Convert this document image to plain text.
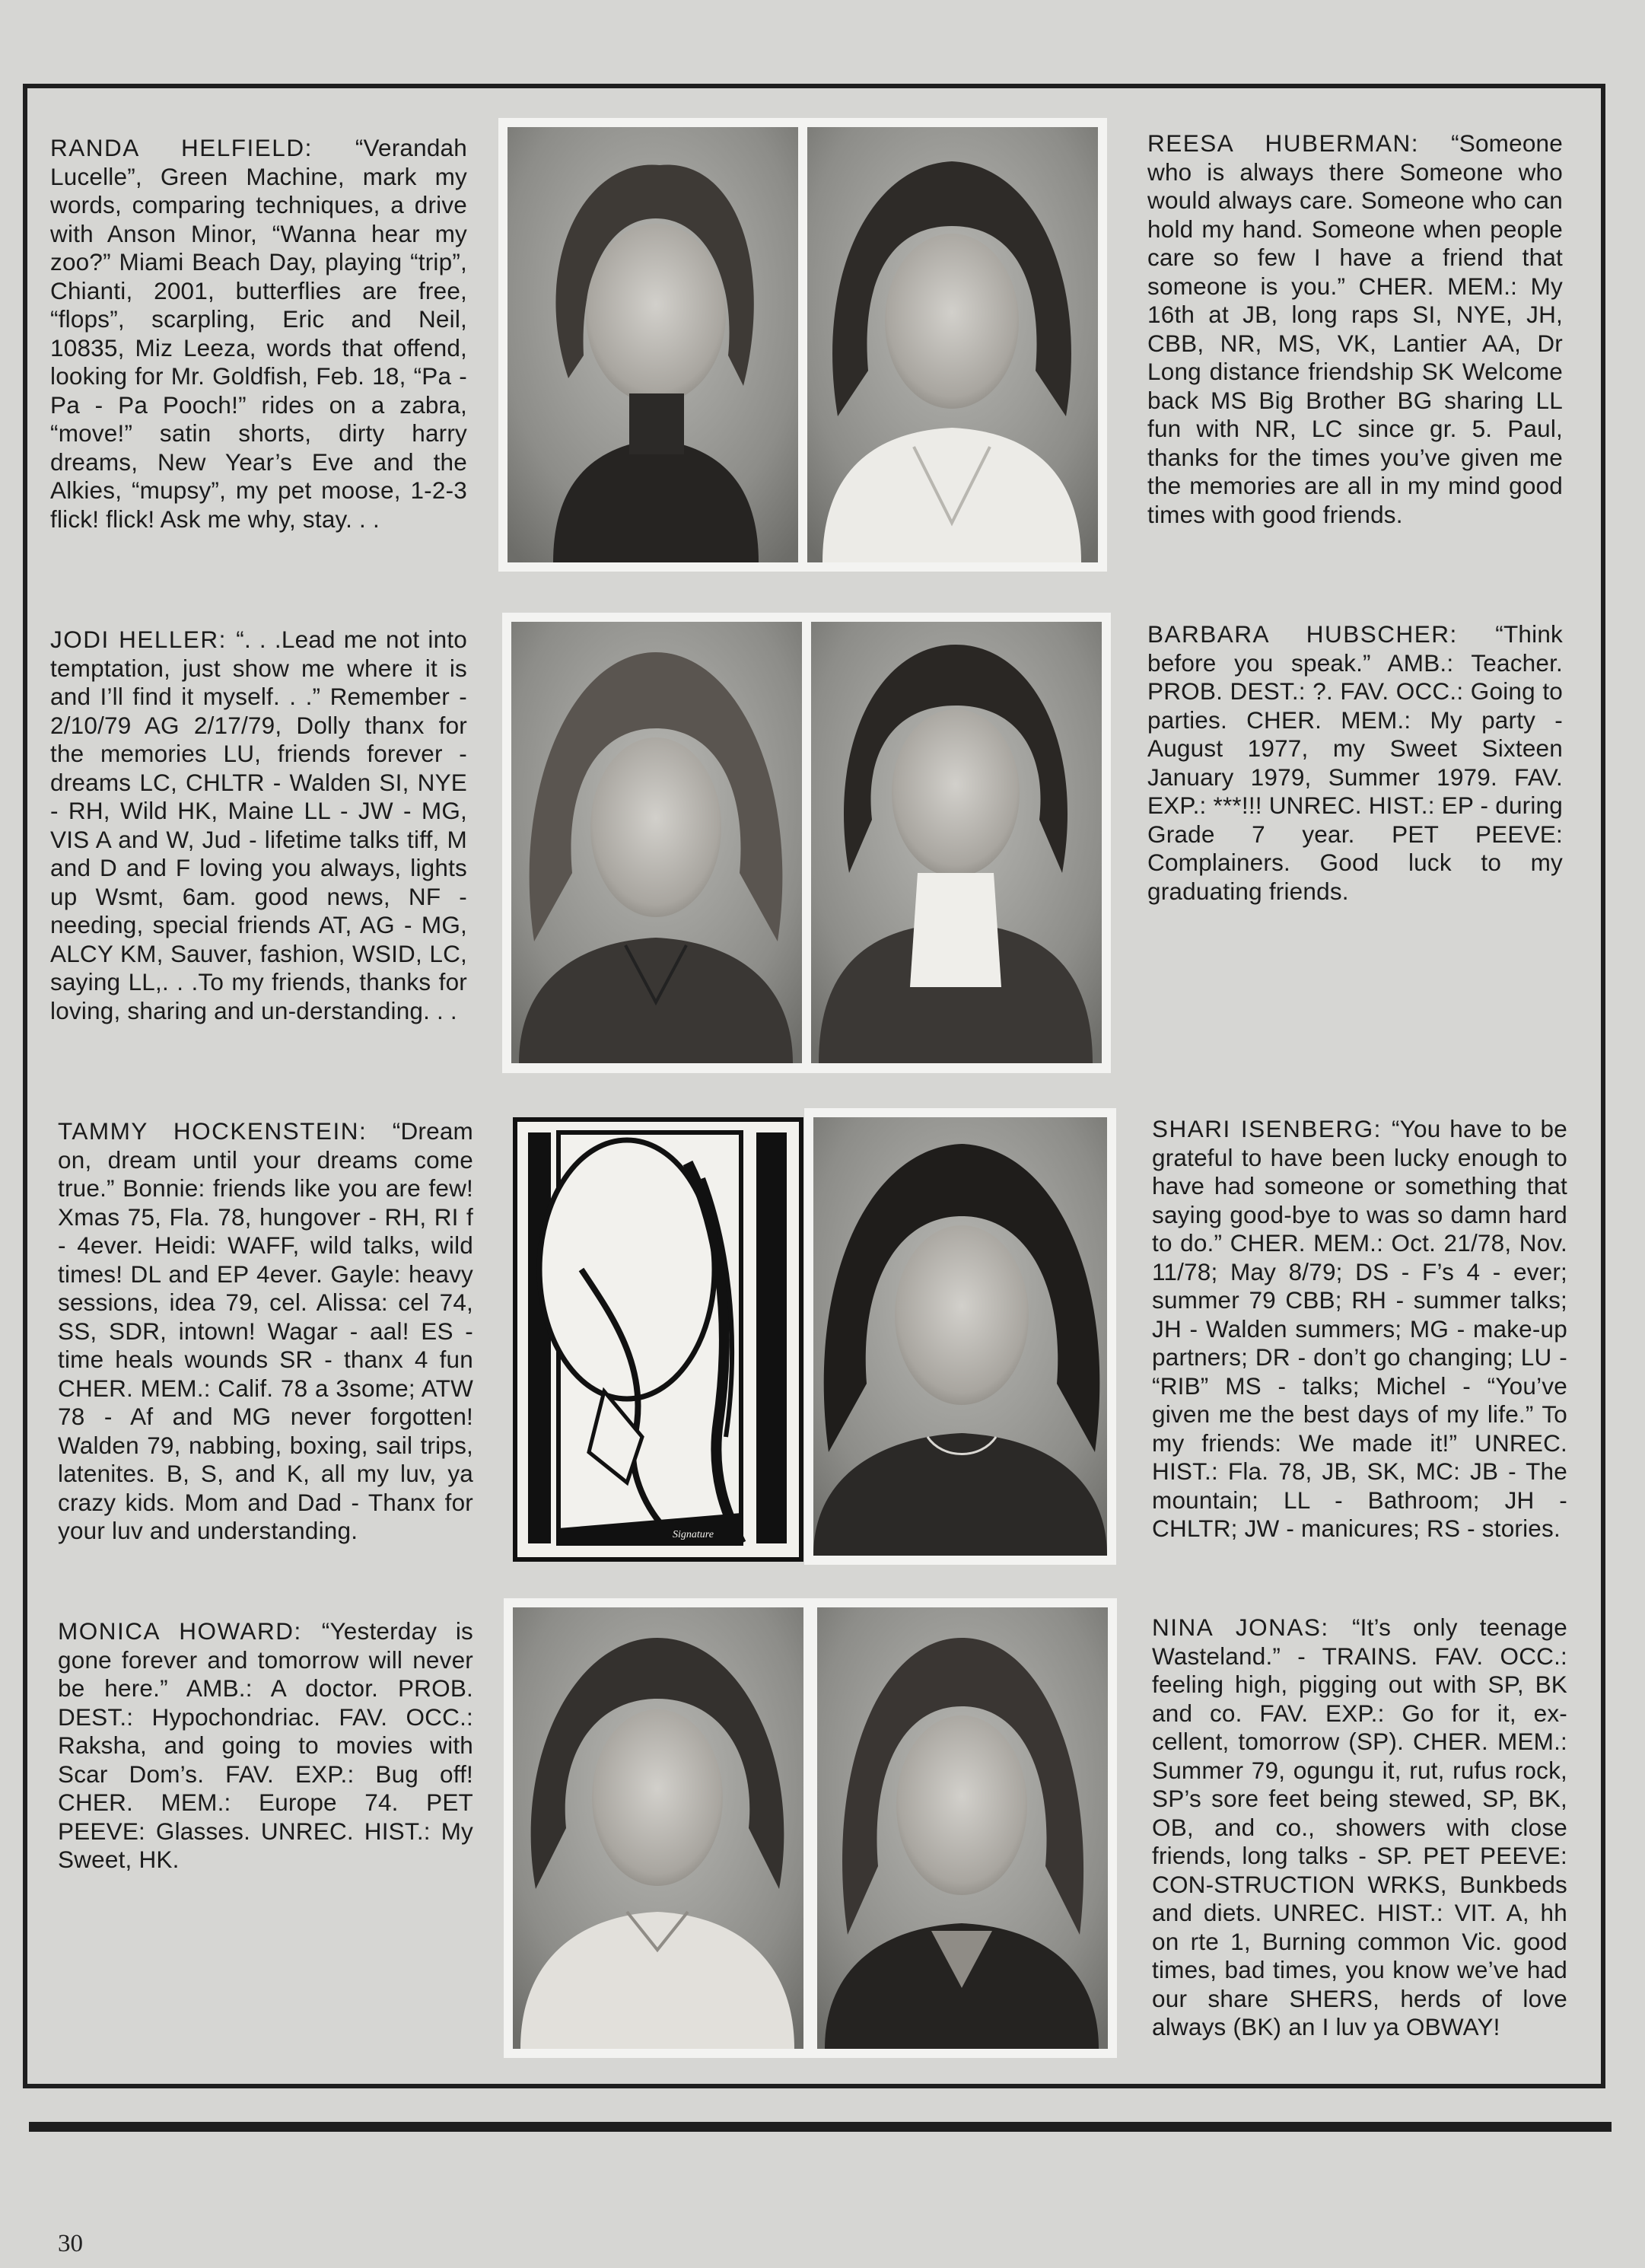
RANDA HELFIELD: “Verandah Lucelle”, Green Machine, mark my words, comparing techniques, a drive with Anson Minor, “Wanna hear my zoo?” Miami Beach Day, playing “trip”, Chianti, 2001, butterflies are free, “flops”, scarpling, Eric and Neil, 10835, Miz Leeza, words that offend, looking for Mr. Goldfish, Feb. 18, “Pa - Pa - Pa Pooch!” rides on a zabra, “move!” satin shorts, dirty harry dreams, New Year’s Eve and the Alkies, “mupsy”, my pet moose, 1-2-3 flick! flick! Ask me why, stay. . .
REESA HUBERMAN: “Someone who is always there Someone who would always care. Someone who can hold my hand. Someone when people care so few I have a friend that someone is you.” CHER. MEM.: My 16th at JB, long raps SI, NYE, JH, CBB, NR, MS, VK, Lantier AA, Dr Long distance friendship SK Welcome back MS Big Brother BG sharing LL fun with NR, LC since gr. 5. Paul, thanks for the times you’ve given me the memories are all in my mind good times with good friends.
JODI HELLER: “. . .Lead me not into temptation, just show me where it is and I’ll find it myself. . .” Remember - 2/10/79 AG 2/17/79, Dolly thanx for the memories LU, friends forever - dreams LC, CHLTR - Walden SI, NYE - RH, Wild HK, Maine LL - JW - MG, VIS A and W, Jud - lifetime talks tiff, M and D and F loving you always, lights up Wsmt, 6am. good news, NF - needing, special friends AT, AG - MG, ALCY KM, Sauver, fashion, WSID, LC, saying LL,. . .To my friends, thanks for loving, sharing and un-derstanding. . .
BARBARA HUBSCHER: “Think before you speak.” AMB.: Teacher. PROB. DEST.: ?. FAV. OCC.: Going to parties. CHER. MEM.: My party - August 1977, my Sweet Sixteen January 1979, Summer 1979. FAV. EXP.: ***!!! UNREC. HIST.: EP - during Grade 7 year. PET PEEVE: Complainers. Good luck to my graduating friends.
TAMMY HOCKENSTEIN: “Dream on, dream until your dreams come true.” Bonnie: friends like you are few! Xmas 75, Fla. 78, hungover - RH, RI f - 4ever. Heidi: WAFF, wild talks, wild times! DL and EP 4ever. Gayle: heavy sessions, idea 79, cel. Alissa: cel 74, SS, SDR, intown! Wagar - aal! ES - time heals wounds SR - thanx 4 fun CHER. MEM.: Calif. 78 a 3some; ATW 78 - Af and MG never forgotten! Walden 79, nabbing, boxing, sail trips, latenites. B, S, and K, all my luv, ya crazy kids. Mom and Dad - Thanx for your luv and understanding.	Signature
SHARI ISENBERG: “You have to be grateful to have been lucky enough to have had someone or something that saying good-bye to was so damn hard to do.” CHER. MEM.: Oct. 21/78, Nov. 11/78; May 8/79; DS - F’s 4 - ever; summer 79 CBB; RH - summer talks; JH - Walden summers; MG - make-up partners; DR - don’t go changing; LU - “RIB” MS - talks; Michel - “You’ve given me the best days of my life.” To my friends: We made it!” UNREC. HIST.: Fla. 78, JB, SK, MC: JB - The mountain; LL - Bathroom; JH - CHLTR; JW - manicures; RS - stories.
MONICA HOWARD: “Yesterday is gone forever and tomorrow will never be here.” AMB.: A doctor. PROB. DEST.: Hypochondriac. FAV. OCC.: Raksha, and going to movies with Scar Dom’s. FAV. EXP.: Bug off! CHER. MEM.: Europe 74. PET PEEVE: Glasses. UNREC. HIST.: My Sweet, HK.
NINA JONAS: “It’s only teenage Wasteland.” - TRAINS. FAV. OCC.: feeling high, pigging out with SP, BK and co. FAV. EXP.: Go for it, ex-cellent, tomorrow (SP). CHER. MEM.: Summer 79, ogungu it, rut, rufus rock, SP’s sore feet being stewed, SP, BK, OB, and co., showers with close friends, long talks - SP. PET PEEVE: CON-STRUCTION WRKS, Bunkbeds and diets. UNREC. HIST.: VIT. A, hh on rte 1, Burning common Vic. good times, bad times, you know we’ve had our share SHERS, herds of love always (BK) an I luv ya OBWAY!
30
